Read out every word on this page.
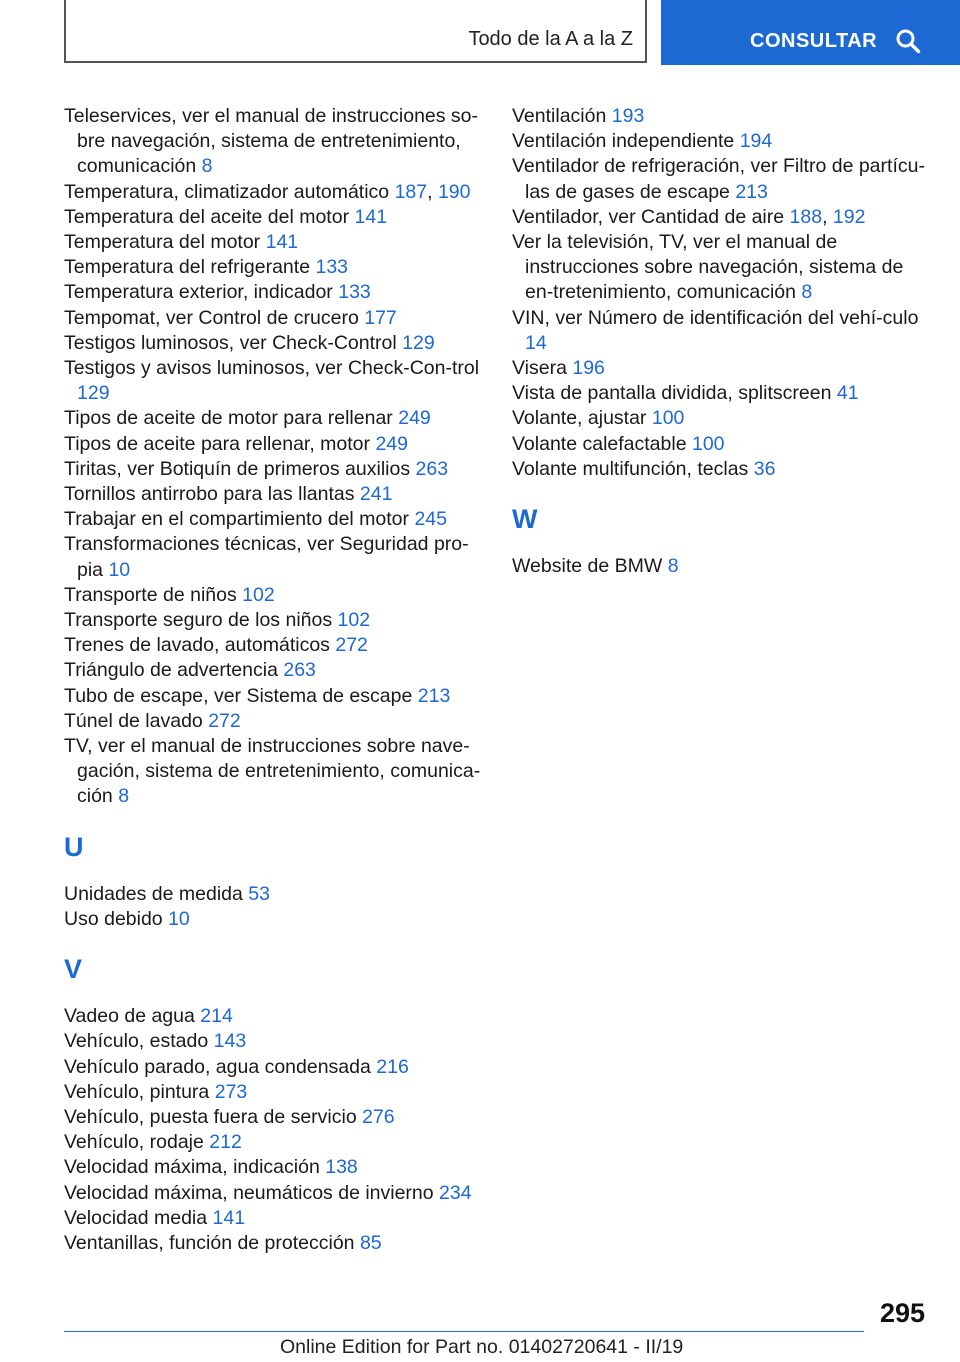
Todo de la A a la Z	CONSULTAR

Teleservices, ver el manual de instrucciones so‐bre navegación, sistema de entretenimiento, comunicación 8

Temperatura, climatizador automático 187, 190

Temperatura del aceite del motor 141

Temperatura del motor 141

Temperatura del refrigerante 133

Temperatura exterior, indicador 133

Tempomat, ver Control de crucero 177

Testigos luminosos, ver Check-Control 129

Testigos y avisos luminosos, ver Check-Con‐trol 129

Tipos de aceite de motor para rellenar 249

Tipos de aceite para rellenar, motor 249

Tiritas, ver Botiquín de primeros auxilios 263

Tornillos antirrobo para las llantas 241

Trabajar en el compartimiento del motor 245

Transformaciones técnicas, ver Seguridad pro‐pia 10

Transporte de niños 102

Transporte seguro de los niños 102

Trenes de lavado, automáticos 272

Triángulo de advertencia 263

Tubo de escape, ver Sistema de escape 213

Túnel de lavado 272

TV, ver el manual de instrucciones sobre nave‐gación, sistema de entretenimiento, comunica‐ción 8

U

Unidades de medida 53

Uso debido 10

V

Vadeo de agua 214

Vehículo, estado 143

Vehículo parado, agua condensada 216

Vehículo, pintura 273

Vehículo, puesta fuera de servicio 276

Vehículo, rodaje 212

Velocidad máxima, indicación 138

Velocidad máxima, neumáticos de invierno 234

Velocidad media 141

Ventanillas, función de protección 85

Ventilación 193

Ventilación independiente 194

Ventilador de refrigeración, ver Filtro de partícu‐las de gases de escape 213

Ventilador, ver Cantidad de aire 188, 192

Ver la televisión, TV, ver el manual de instrucciones sobre navegación, sistema de en‐tretenimiento, comunicación 8

VIN, ver Número de identificación del vehí‐culo 14

Visera 196

Vista de pantalla dividida, splitscreen 41

Volante, ajustar 100

Volante calefactable 100

Volante multifunción, teclas 36

W

Website de BMW 8

295
Online Edition for Part no. 01402720641 - II/19
